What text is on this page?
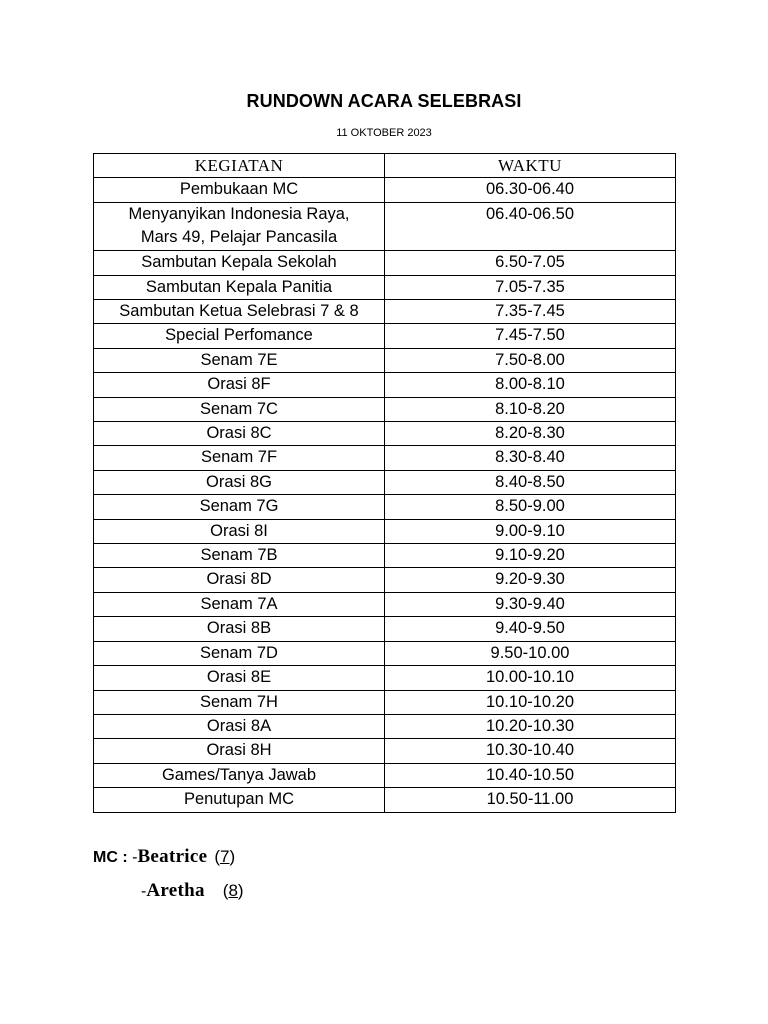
RUNDOWN ACARA SELEBRASI
11 OKTOBER 2023
KEGIATAN	WAKTU
Pembukaan MC	06.30-06.40
Menyanyikan Indonesia Raya,
Mars 49, Pelajar Pancasila	06.40-06.50
Sambutan Kepala Sekolah	6.50-7.05
Sambutan Kepala Panitia	7.05-7.35
Sambutan Ketua Selebrasi 7 & 8	7.35-7.45
Special Perfomance	7.45-7.50
Senam 7E	7.50-8.00
Orasi 8F	8.00-8.10
Senam 7C	8.10-8.20
Orasi 8C	8.20-8.30
Senam 7F	8.30-8.40
Orasi 8G	8.40-8.50
Senam 7G	8.50-9.00
Orasi 8I	9.00-9.10
Senam 7B	9.10-9.20
Orasi 8D	9.20-9.30
Senam 7A	9.30-9.40
Orasi 8B	9.40-9.50
Senam 7D	9.50-10.00
Orasi 8E	10.00-10.10
Senam 7H	10.10-10.20
Orasi 8A	10.20-10.30
Orasi 8H	10.30-10.40
Games/Tanya Jawab	10.40-10.50
Penutupan MC	10.50-11.00
MC : - Beatrice (7)
- Aretha (8)
